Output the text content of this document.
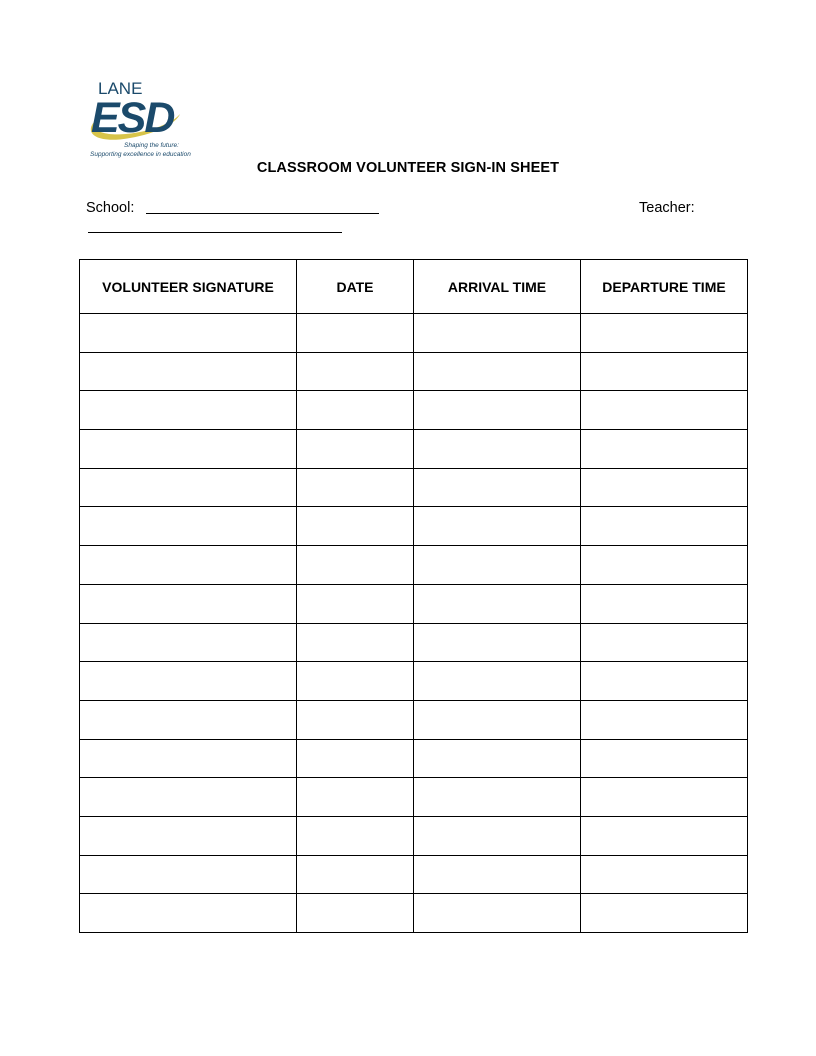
LANE
ESD
Shaping the future:
Supporting excellence in education
CLASSROOM VOLUNTEER SIGN-IN SHEET
School:	Teacher:
VOLUNTEER SIGNATURE	DATE	ARRIVAL TIME	DEPARTURE TIME
